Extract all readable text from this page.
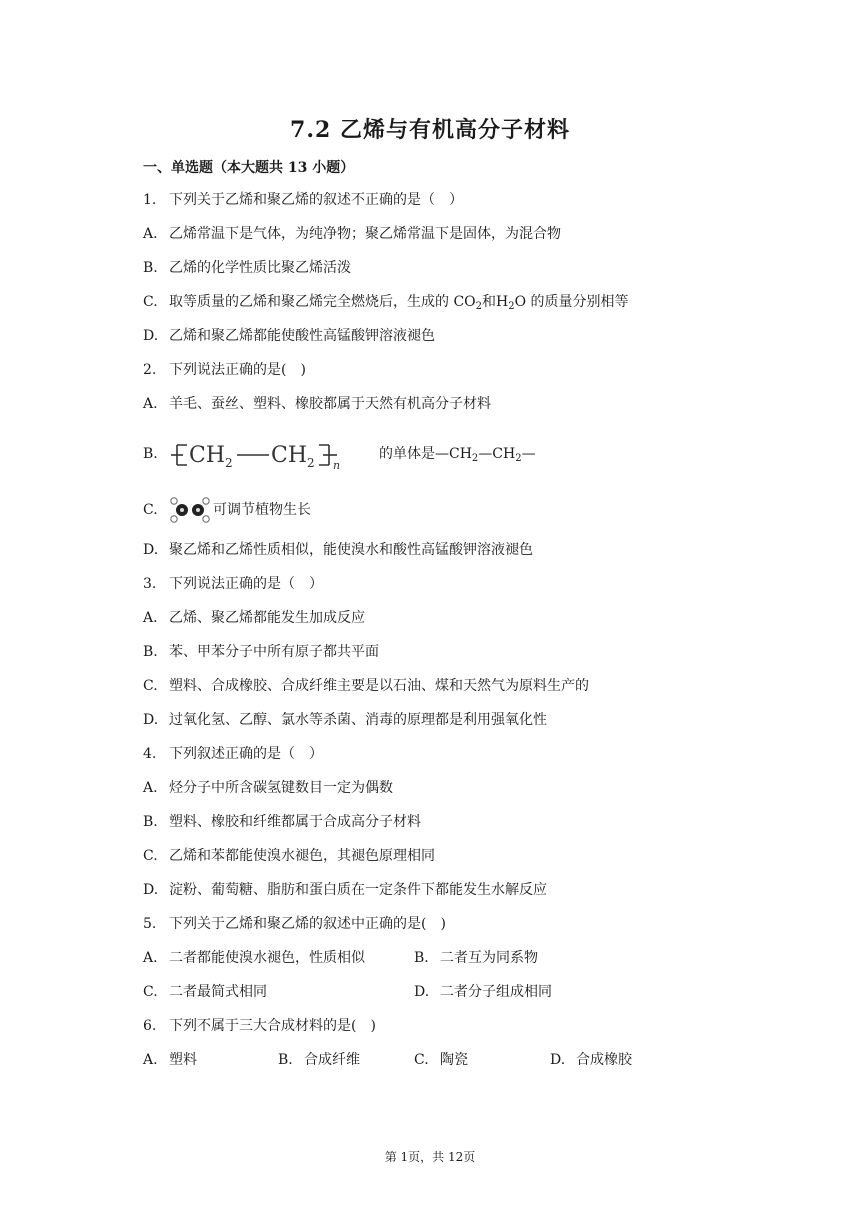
7.2 乙烯与有机高分子材料
一、单选题（本大题共 13 小题）
1. 下列关于乙烯和聚乙烯的叙述不正确的是（　）
A. 乙烯常温下是气体，为纯净物；聚乙烯常温下是固体，为混合物
B. 乙烯的化学性质比聚乙烯活泼
C. 取等质量的乙烯和聚乙烯完全燃烧后，生成的 $CO_2$和$H_2O$ 的质量分别相等
D. 乙烯和聚乙烯都能使酸性高锰酸钾溶液褪色
2. 下列说法正确的是(　)
A. 羊毛、蚕丝、塑料、橡胶都属于天然有机高分子材料
B. CH 2 CH 2 n
的单体是$—CH_2—CH_2—$
C.	可调节植物生长
D. 聚乙烯和乙烯性质相似，能使溴水和酸性高锰酸钾溶液褪色
3. 下列说法正确的是（　）
A. 乙烯、聚乙烯都能发生加成反应
B. 苯、甲苯分子中所有原子都共平面
C. 塑料、合成橡胶、合成纤维主要是以石油、煤和天然气为原料生产的
D. 过氧化氢、乙醇、氯水等杀菌、消毒的原理都是利用强氧化性
4. 下列叙述正确的是（　）
A. 烃分子中所含碳氢键数目一定为偶数
B. 塑料、橡胶和纤维都属于合成高分子材料
C. 乙烯和苯都能使溴水褪色，其褪色原理相同
D. 淀粉、葡萄糖、脂肪和蛋白质在一定条件下都能发生水解反应
5. 下列关于乙烯和聚乙烯的叙述中正确的是(　)
A. 二者都能使溴水褪色，性质相似	B. 二者互为同系物
C. 二者最简式相同	D. 二者分子组成相同
6. 下列不属于三大合成材料的是(　)
A. 塑料	B. 合成纤维	C. 陶瓷	D. 合成橡胶
第 1页，共 12页
